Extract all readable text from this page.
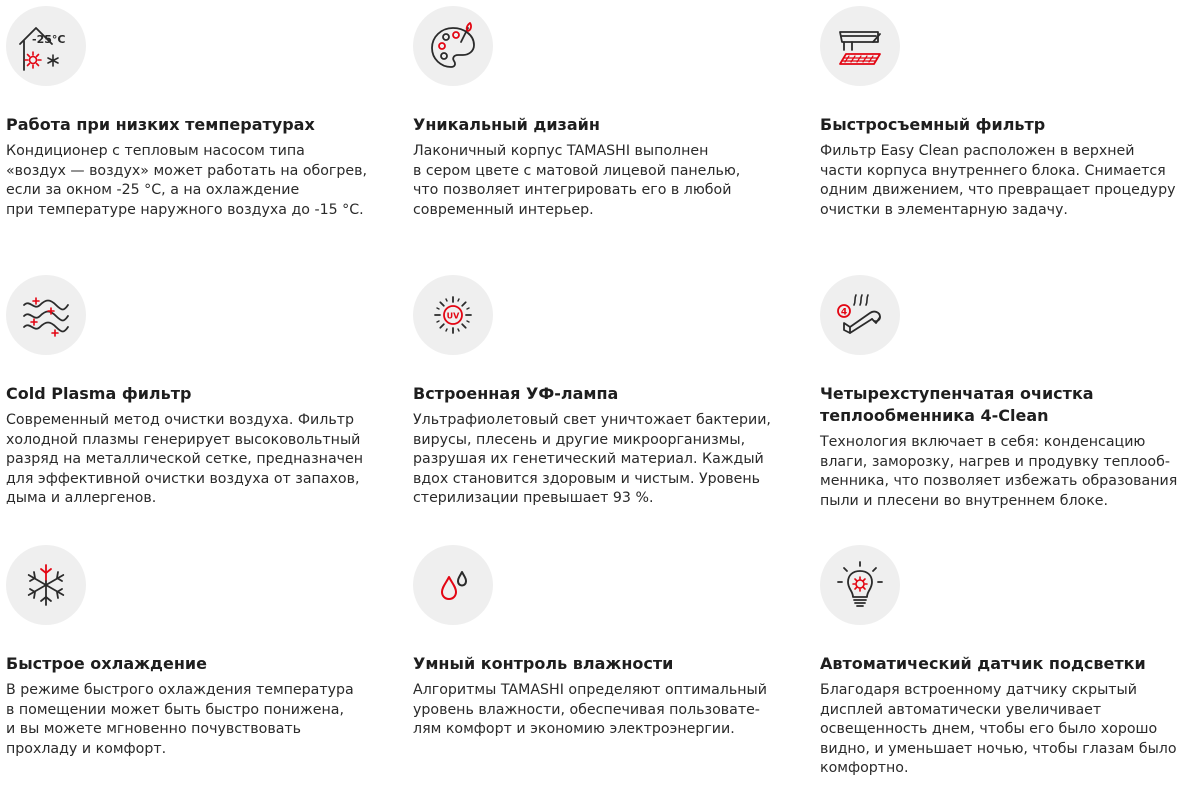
-25°C

Работа при низких температурах

Кондиционер с тепловым насосом типа
«воздух — воздух» может работать на обогрев,
если за окном -25 °C, а на охлаждение
при температуре наружного воздуха до -15 °C.

Уникальный дизайн

Лаконичный корпус TAMASHI выполнен
в сером цвете с матовой лицевой панелью,
что позволяет интегрировать его в любой
современный интерьер.

Быстросъемный фильтр

Фильтр Easy Clean расположен в верхней
части корпуса внутреннего блока. Снимается
одним движением, что превращает процедуру
очистки в элементарную задачу.

Cold Plasma фильтр

Современный метод очистки воздуха. Фильтр
холодной плазмы генерирует высоковольтный
разряд на металлической сетке, предназначен
для эффективной очистки воздуха от запахов,
дыма и аллергенов.

UV

Встроенная УФ-лампа

Ультрафиолетовый свет уничтожает бактерии,
вирусы, плесень и другие микроорганизмы,
разрушая их генетический материал. Каждый
вдох становится здоровым и чистым. Уровень
стерилизации превышает 93 %.

4

Четырехступенчатая очистка
теплообменника 4-Clean

Технология включает в себя: конденсацию
влаги, заморозку, нагрев и продувку теплооб-
менника, что позволяет избежать образования
пыли и плесени во внутреннем блоке.

Быстрое охлаждение

В режиме быстрого охлаждения температура
в помещении может быть быстро понижена,
и вы можете мгновенно почувствовать
прохладу и комфорт.

Умный контроль влажности

Алгоритмы TAMASHI определяют оптимальный
уровень влажности, обеспечивая пользовате-
лям комфорт и экономию электроэнергии.

Автоматический датчик подсветки

Благодаря встроенному датчику скрытый
дисплей автоматически увеличивает
освещенность днем, чтобы его было хорошо
видно, и уменьшает ночью, чтобы глазам было
комфортно.
